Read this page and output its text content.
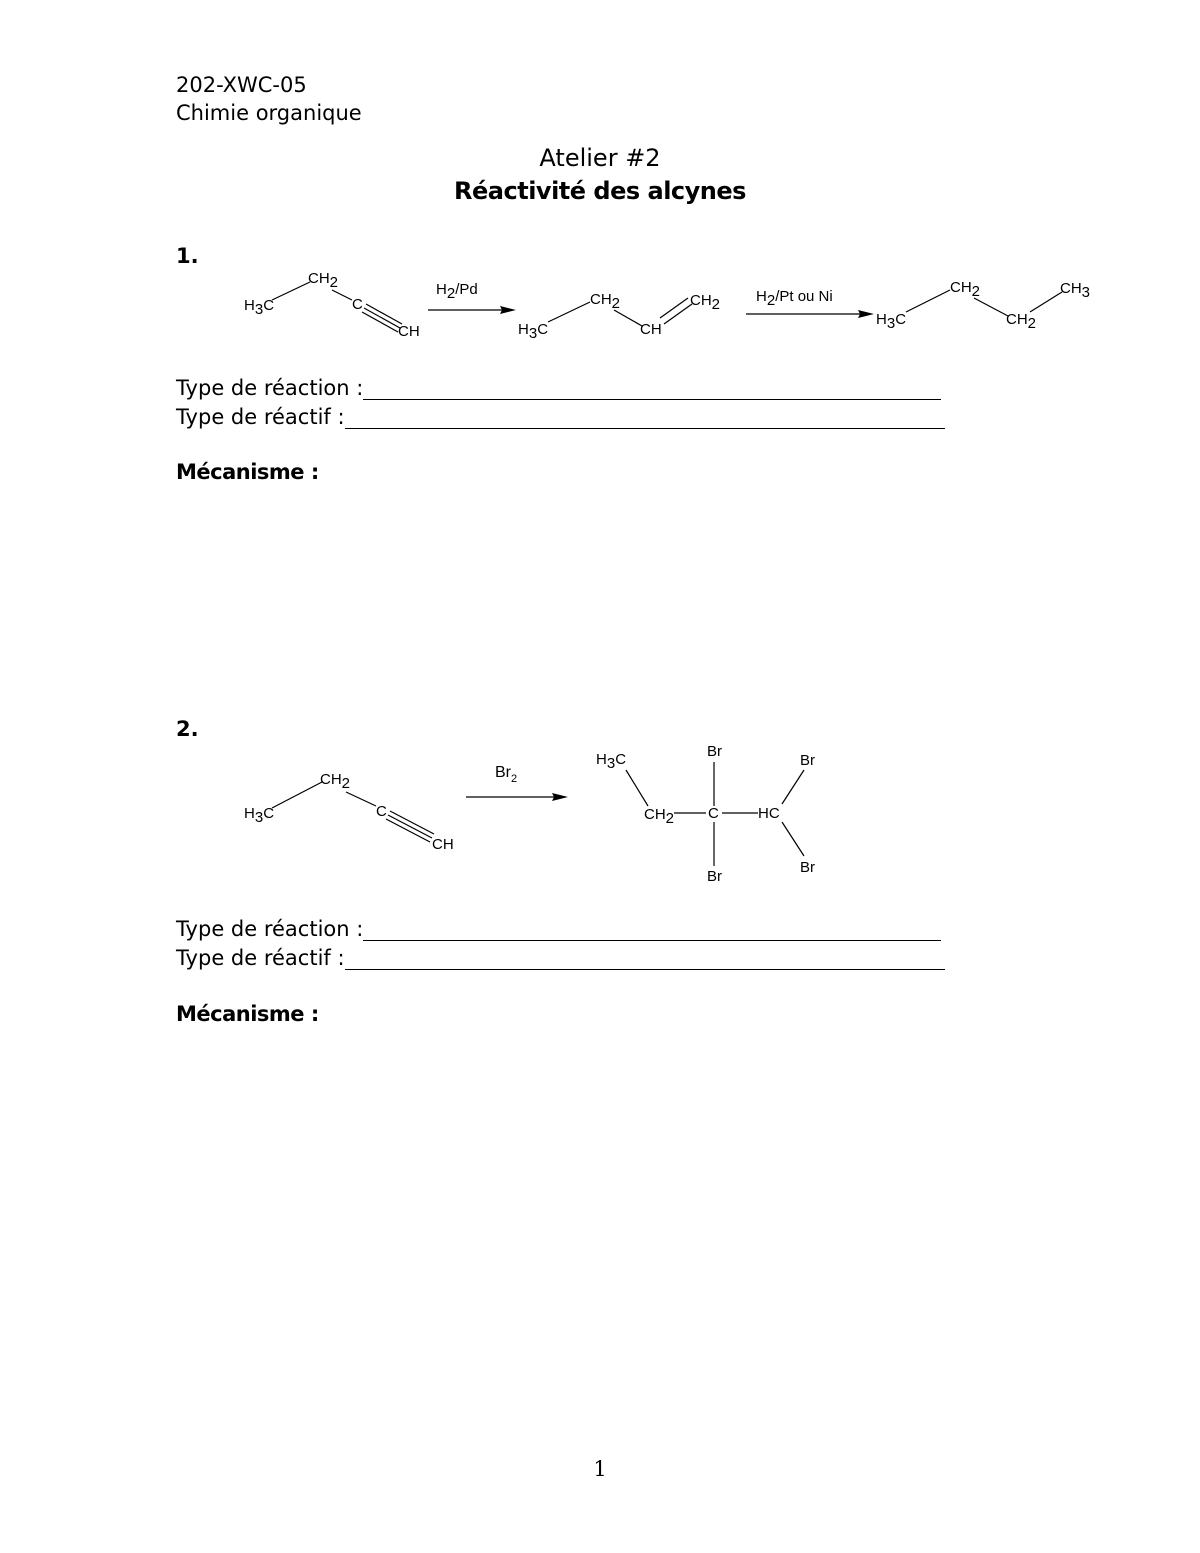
202-XWC-05
Chimie organique
Atelier #2
Réactivité des alcynes
1.
H3C
CH2
C
CH
H2/Pd
H3C
CH2
CH
CH2 H2/Pt ou Ni
H3C
CH2
CH2
CH3
H3C
CH2
C
CH
$Br_2$
H3C
CH2 C
Br
Br
HC
Br
Br
Type de réaction :
Type de réactif :
Mécanisme :
2.
Type de réaction :
Type de réactif :
Mécanisme :
1
